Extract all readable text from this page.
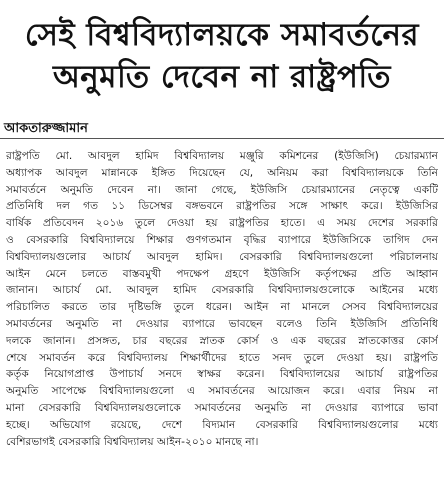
সেই বিশ্ববিদ্যালয়কে সমাবর্তনের
অনুমতি দেবেন না রাষ্ট্রপতি
আকতারুজ্জামান
রাষ্ট্রপতি মো. আবদুল হামিদ বিশ্ববিদ্যালয় মঞ্জুরি কমিশনের (ইউজিসি) চেয়ারম্যান
অধ্যাপক আবদুল মান্নানকে ইঙ্গিত দিয়েছেন যে, অনিয়ম করা বিশ্ববিদ্যালয়কে তিনি
সমাবর্তনে অনুমতি দেবেন না। জানা গেছে, ইউজিসি চেয়ারম্যানের নেতৃত্বে একটি
প্রতিনিধি দল গত ১১ ডিসেম্বর বঙ্গভবনে রাষ্ট্রপতির সঙ্গে সাক্ষাৎ করে। ইউজিসির
বার্ষিক প্রতিবেদন ২০১৬ তুলে দেওয়া হয় রাষ্ট্রপতির হাতে। এ সময় দেশের সরকারি
ও বেসরকারি বিশ্ববিদ্যালয়ে শিক্ষার গুণগতমান বৃদ্ধির ব্যাপারে ইউজিসিকে তাগিদ দেন
বিশ্ববিদ্যালয়গুলোর আচার্য আবদুল হামিদ। বেসরকারি বিশ্ববিদ্যালয়গুলো পরিচালনায়
আইন মেনে চলতে বাস্তবমুখী পদক্ষেপ গ্রহণে ইউজিসি কর্তৃপক্ষের প্রতি আহ্বান
জানান। আচার্য মো. আবদুল হামিদ বেসরকারি বিশ্ববিদ্যালয়গুলোকে আইনের মধ্যে
পরিচালিত করতে তার দৃষ্টিভঙ্গি তুলে ধরেন। আইন না মানলে সেসব বিশ্ববিদ্যালয়ের
সমাবর্তনের অনুমতি না দেওয়ার ব্যাপারে ভাবছেন বলেও তিনি ইউজিসি প্রতিনিধি
দলকে জানান। প্রসঙ্গত, চার বছরের স্নাতক কোর্স ও এক বছরের স্নাতকোত্তর কোর্স
শেষে সমাবর্তন করে বিশ্ববিদ্যালয় শিক্ষার্থীদের হাতে সনদ তুলে দেওয়া হয়। রাষ্ট্রপতি
কর্তৃক নিয়োগপ্রাপ্ত উপাচার্য সনদে স্বাক্ষর করেন। বিশ্ববিদ্যালয়ের আচার্য রাষ্ট্রপতির
অনুমতি সাপেক্ষে বিশ্ববিদ্যালয়গুলো এ সমাবর্তনের আয়োজন করে। এবার নিয়ম না
মানা বেসরকারি বিশ্ববিদ্যালয়গুলোকে সমাবর্তনের অনুমতি না দেওয়ার ব্যাপারে ভাবা
হচ্ছে। অভিযোগ রয়েছে, দেশে বিদ্যমান বেসরকারি বিশ্ববিদ্যালয়গুলোর মধ্যে
বেশিরভাগই বেসরকারি বিশ্ববিদ্যালয় আইন-২০১০ মানছে না।
